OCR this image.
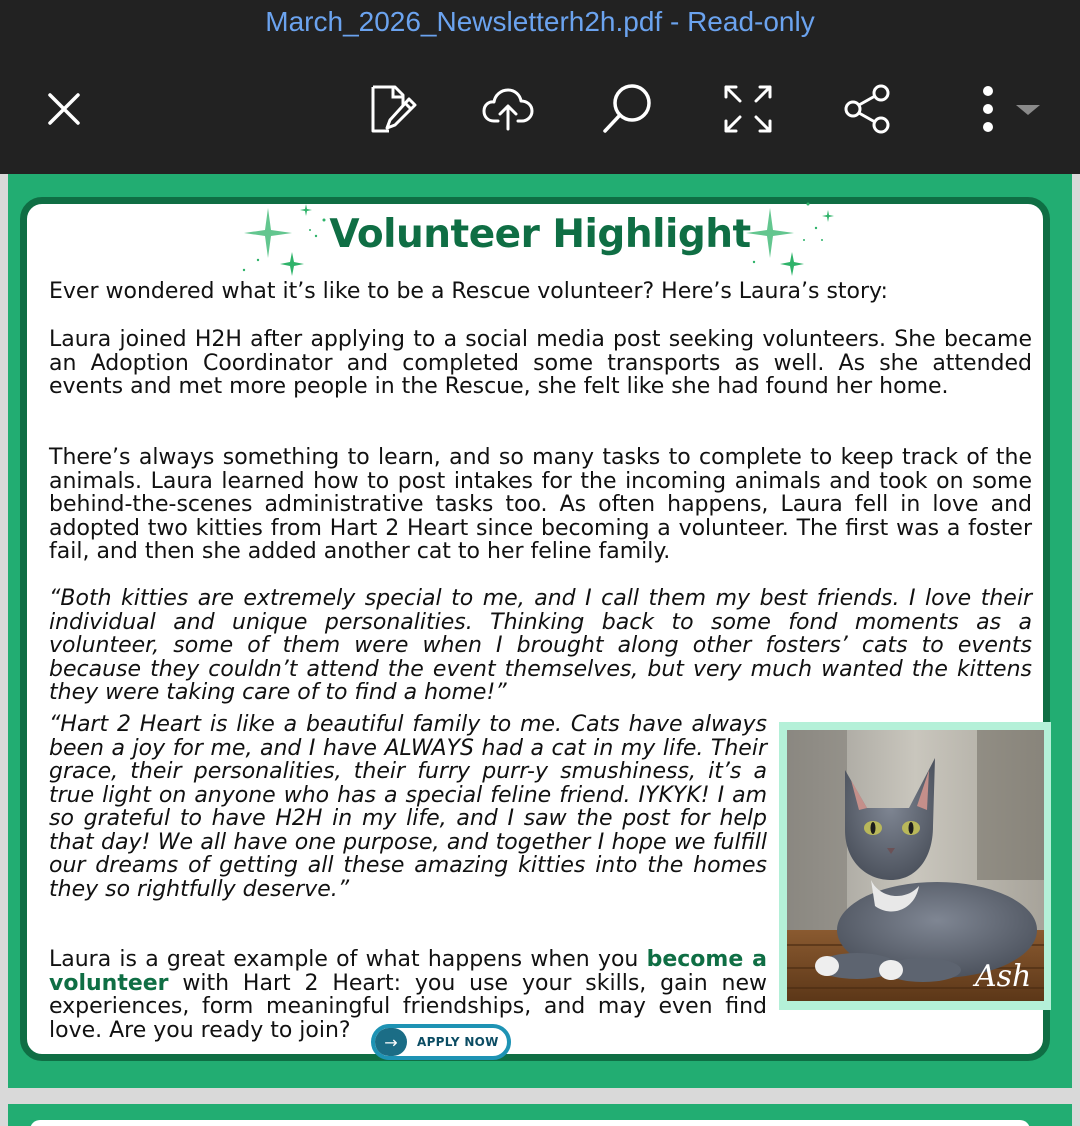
March_2026_Newsletterh2h.pdf - Read-only
Volunteer Highlight
Ever wondered what it’s like to be a Rescue volunteer? Here’s Laura’s story:
Laura joined H2H after applying to a social media post seeking volunteers. She became an Adoption Coordinator and completed some transports as well. As she attended events and met more people in the Rescue, she felt like she had found her home.
There’s always something to learn, and so many tasks to complete to keep track of the animals. Laura learned how to post intakes for the incoming animals and took on some behind-the-scenes administrative tasks too. As often happens, Laura fell in love and adopted two kitties from Hart 2 Heart since becoming a volunteer. The first was a foster fail, and then she added another cat to her feline family.
“Both kitties are extremely special to me, and I call them my best friends. I love their individual and unique personalities. Thinking back to some fond moments as a volunteer, some of them were when I brought along other fosters’ cats to events because they couldn’t attend the event themselves, but very much wanted the kittens they were taking care of to find a home!”
“Hart 2 Heart is like a beautiful family to me. Cats have always been a joy for me, and I have ALWAYS had a cat in my life. Their grace, their personalities, their furry purr-y smushiness, it’s a true light on anyone who has a special feline friend. IYKYK! I am so grateful to have H2H in my life, and I saw the post for help that day! We all have one purpose, and together I hope we fulfill our dreams of getting all these amazing kitties into the homes they so rightfully deserve.”
Laura is a great example of what happens when you become a volunteer with Hart 2 Heart: you use your skills, gain new experiences, form meaningful friendships, and may even find love. Are you ready to join?
Ash
→	APPLY NOW
